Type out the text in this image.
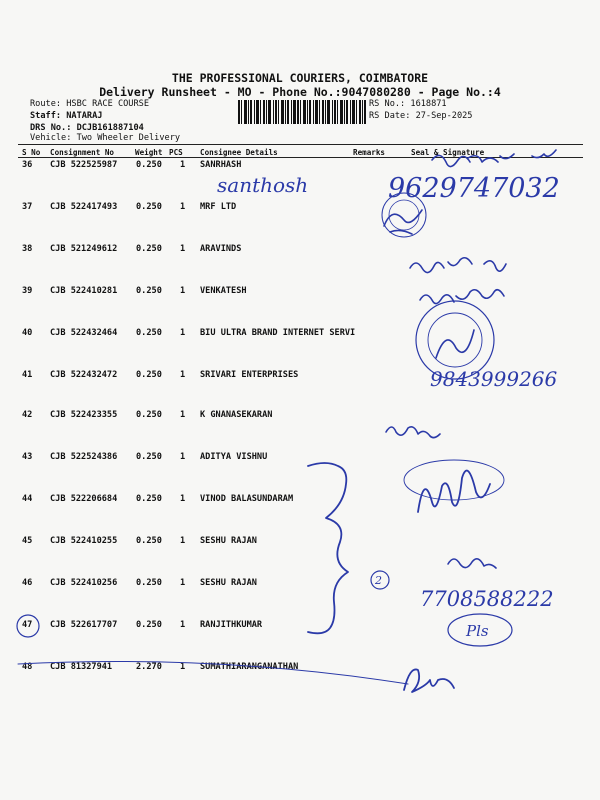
THE PROFESSIONAL COURIERS, COIMBATORE
Delivery Runsheet - MO - Phone No.:9047080280 - Page No.:4
Route: HSBC RACE COURSE
Staff: NATARAJ
DRS No.: DCJB161887104
Vehicle: Two Wheeler Delivery
RS No.: 1618871
RS Date: 27-Sep-2025
S No Consignment No	Weight PCS Consignee Details	Remarks	Seal & Signature
36 CJB 522525987 0.250 1 SANRHASH
37 CJB 522417493 0.250 1 MRF LTD
38 CJB 521249612 0.250 1 ARAVINDS
39 CJB 522410281 0.250 1 VENKATESH
40 CJB 522432464 0.250 1 BIU ULTRA BRAND INTERNET SERVI
41 CJB 522432472 0.250 1 SRIVARI ENTERPRISES
42 CJB 522423355 0.250 1 K GNANASEKARAN
43 CJB 522524386 0.250 1 ADITYA VISHNU
44 CJB 522206684 0.250 1 VINOD BALASUNDARAM
45 CJB 522410255 0.250 1 SESHU RAJAN
46 CJB 522410256 0.250 1 SESHU RAJAN
47 CJB 522617707 0.250 1 RANJITHKUMAR
48 CJB 81327941	2.270 1 SUMATHIARANGANATHAN
santhosh	9629747032
9843999266
7708588222
Pls
2
